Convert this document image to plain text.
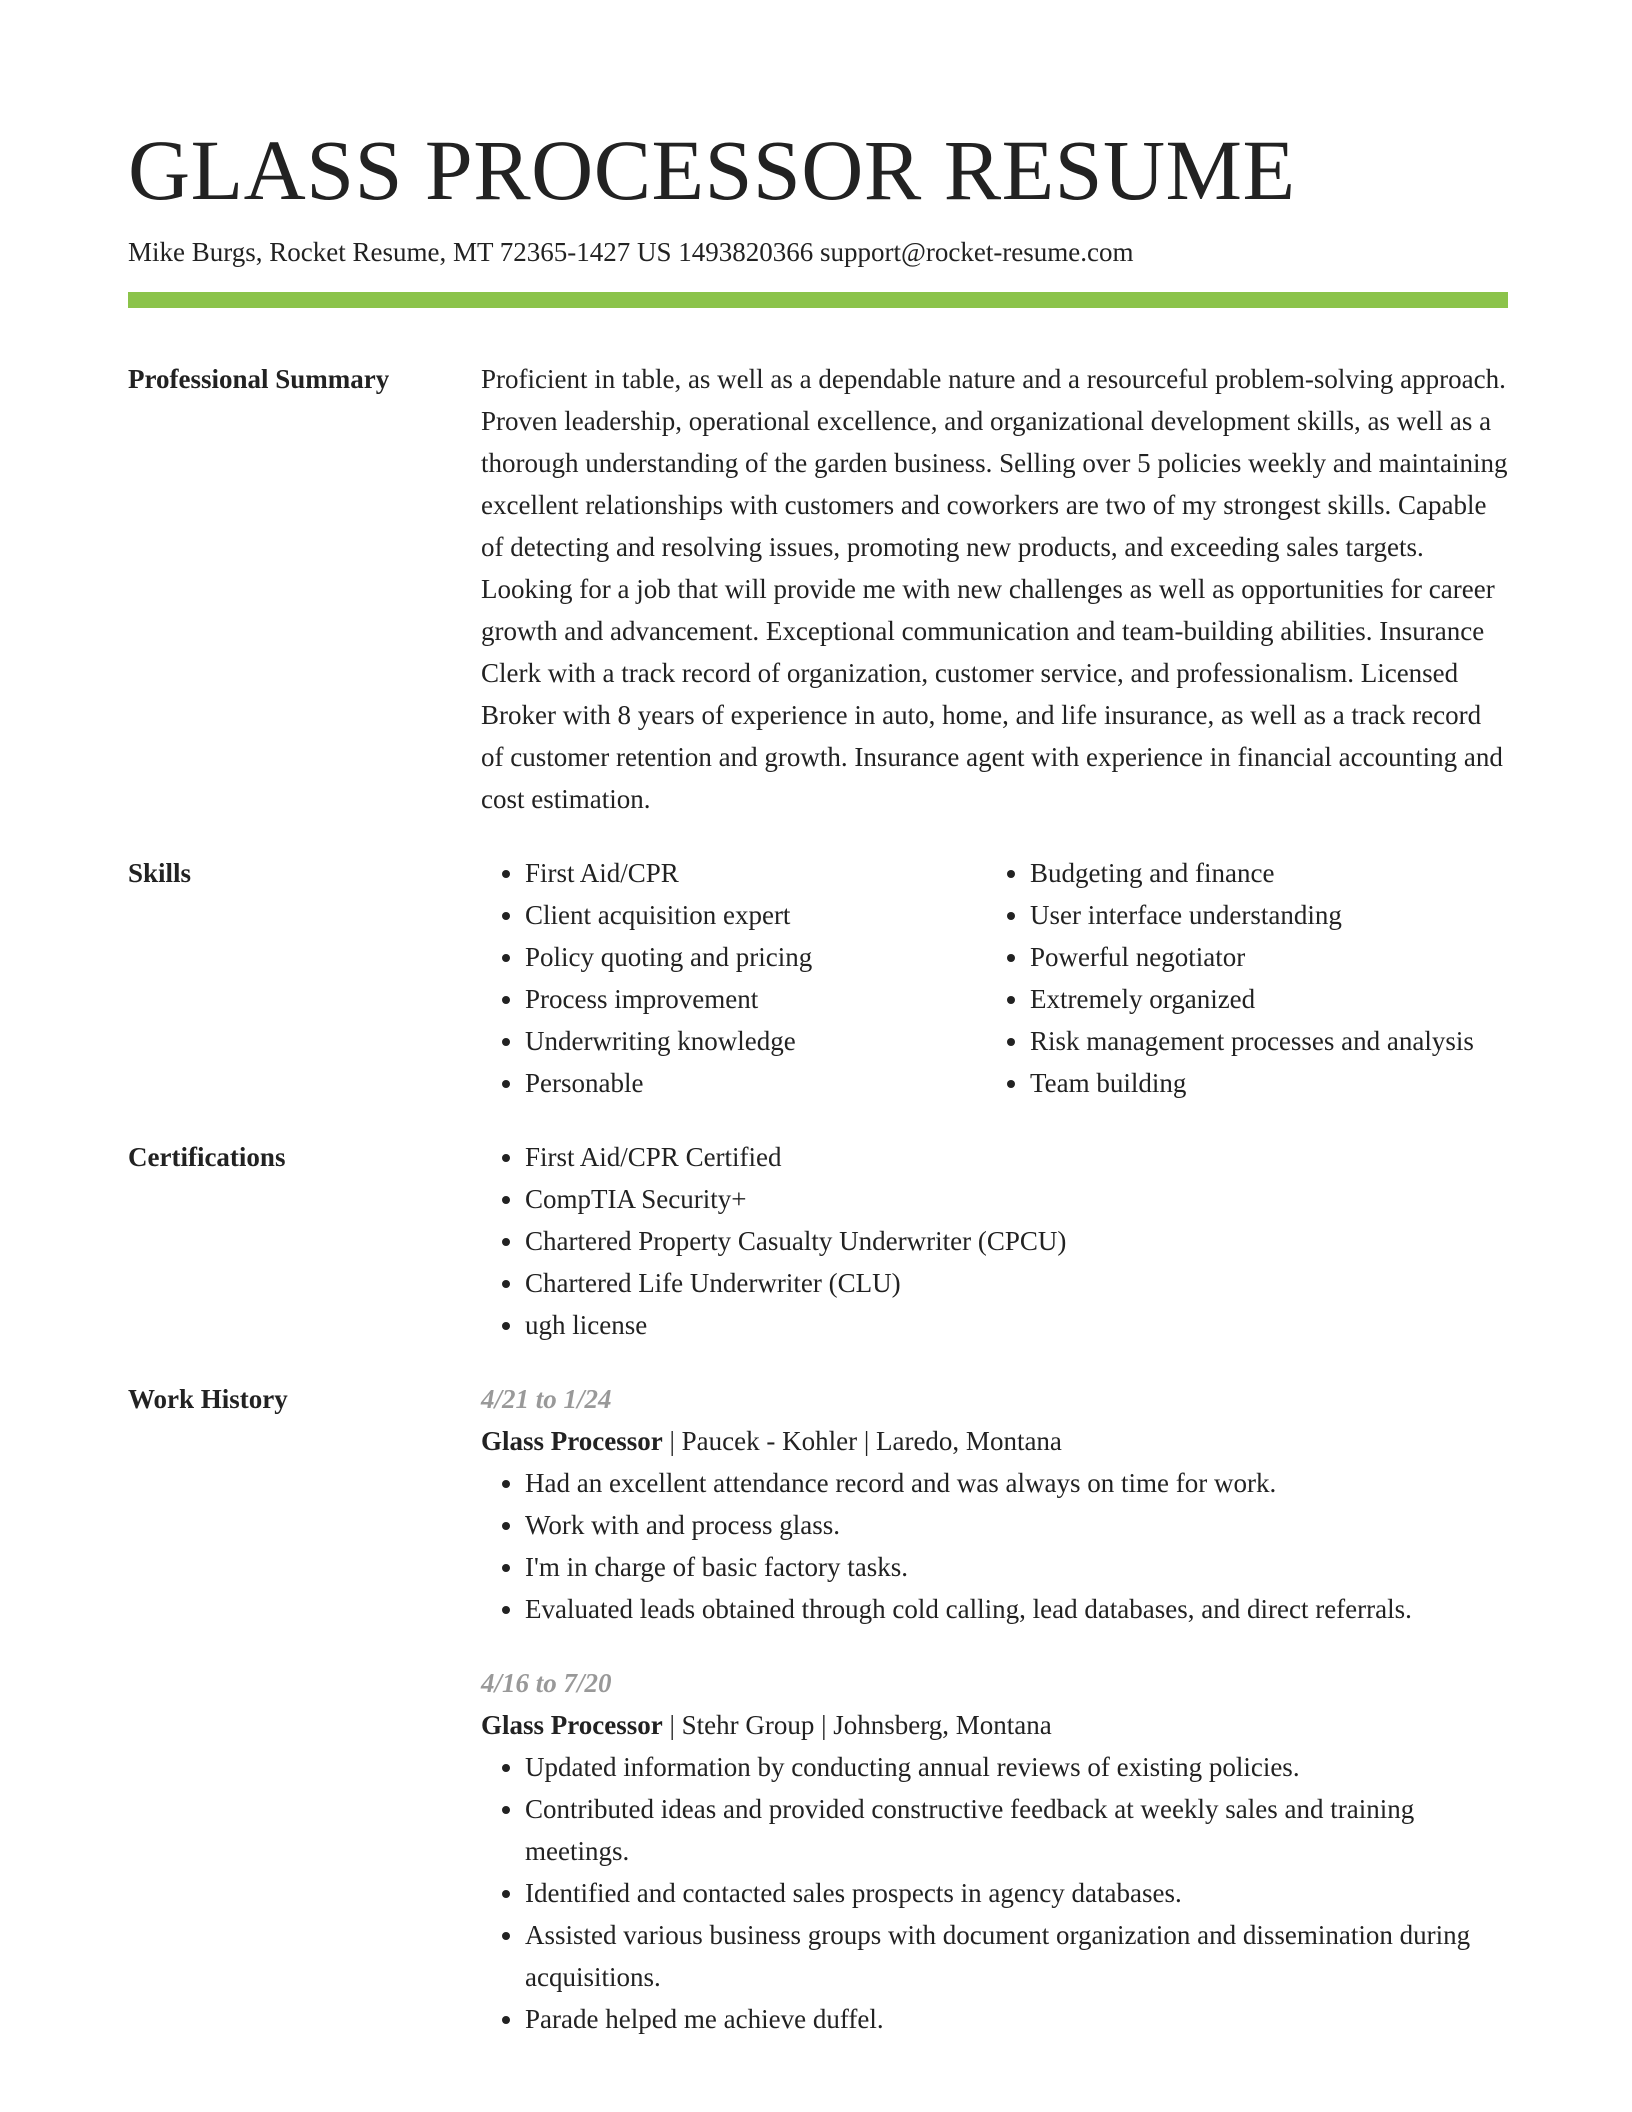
GLASS PROCESSOR RESUME
Mike Burgs, Rocket Resume, MT 72365-1427 US 1493820366 support@rocket-resume.com
Professional Summary	Proficient in table, as well as a dependable nature and a resourceful problem-solving approach. Proven leadership, operational excellence, and organizational development skills, as well as a thorough understanding of the garden business. Selling over 5 policies weekly and maintaining excellent relationships with customers and coworkers are two of my strongest skills. Capable of detecting and resolving issues, promoting new products, and exceeding sales targets. Looking for a job that will provide me with new challenges as well as opportunities for career growth and advancement. Exceptional communication and team-building abilities. Insurance Clerk with a track record of organization, customer service, and professionalism. Licensed Broker with 8 years of experience in auto, home, and life insurance, as well as a track record of customer retention and growth. Insurance agent with experience in financial accounting and cost estimation.

Skills	• First Aid/CPR
• Client acquisition expert
• Policy quoting and pricing
• Process improvement
• Underwriting knowledge
• Personable
• Budgeting and finance
• User interface understanding
• Powerful negotiator
• Extremely organized
• Risk management processes and analysis
• Team building
Certifications	• First Aid/CPR Certified
• CompTIA Security+
• Chartered Property Casualty Underwriter (CPCU)
• Chartered Life Underwriter (CLU)
• ugh license
Work History	4/21 to 1/24
Glass Processor | Paucek - Kohler | Laredo, Montana
• Had an excellent attendance record and was always on time for work.
• Work with and process glass.
• I'm in charge of basic factory tasks.
• Evaluated leads obtained through cold calling, lead databases, and direct referrals.
4/16 to 7/20
Glass Processor | Stehr Group | Johnsberg, Montana
• Updated information by conducting annual reviews of existing policies.
• Contributed ideas and provided constructive feedback at weekly sales and training meetings.
• Identified and contacted sales prospects in agency databases.
• Assisted various business groups with document organization and dissemination during acquisitions.
• Parade helped me achieve duffel.
